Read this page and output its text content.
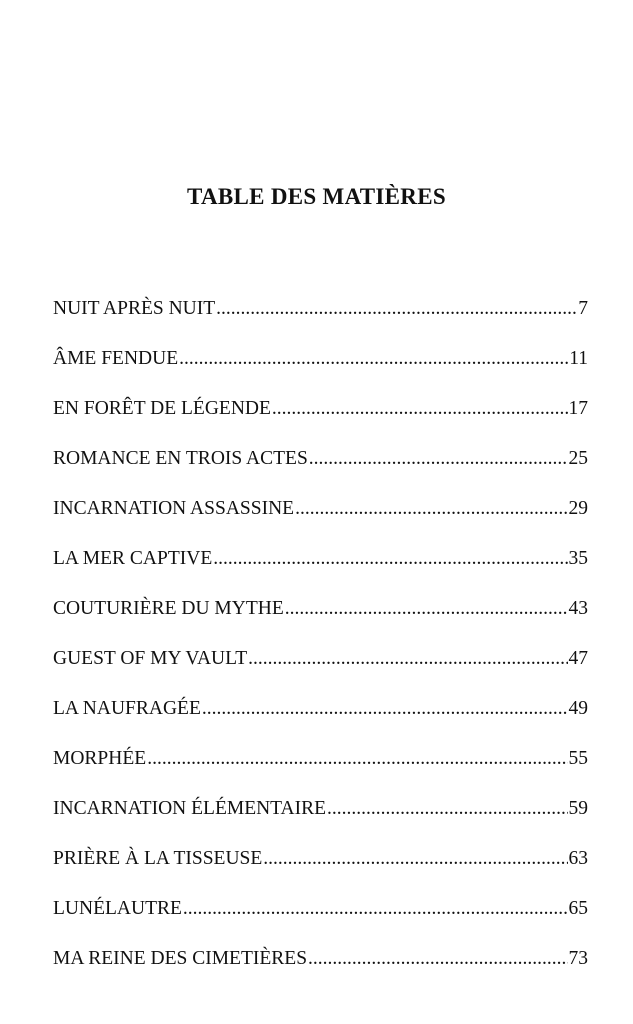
TABLE DES MATIÈRES
NUIT APRÈS NUIT .....	7
ÂME FENDUE .....	11
EN FORÊT DE LÉGENDE .....	17
ROMANCE EN TROIS ACTES .....	25
INCARNATION ASSASSINE .....	29
LA MER CAPTIVE .....	35
COUTURIÈRE DU MYTHE .....	43
GUEST OF MY VAULT .....	47
LA NAUFRAGÉE .....	49
MORPHÉE .....	55
INCARNATION ÉLÉMENTAIRE .....	59
PRIÈRE À LA TISSEUSE .....	63
LUNÉLAUTRE .....	65
MA REINE DES CIMETIÈRES .....	73
